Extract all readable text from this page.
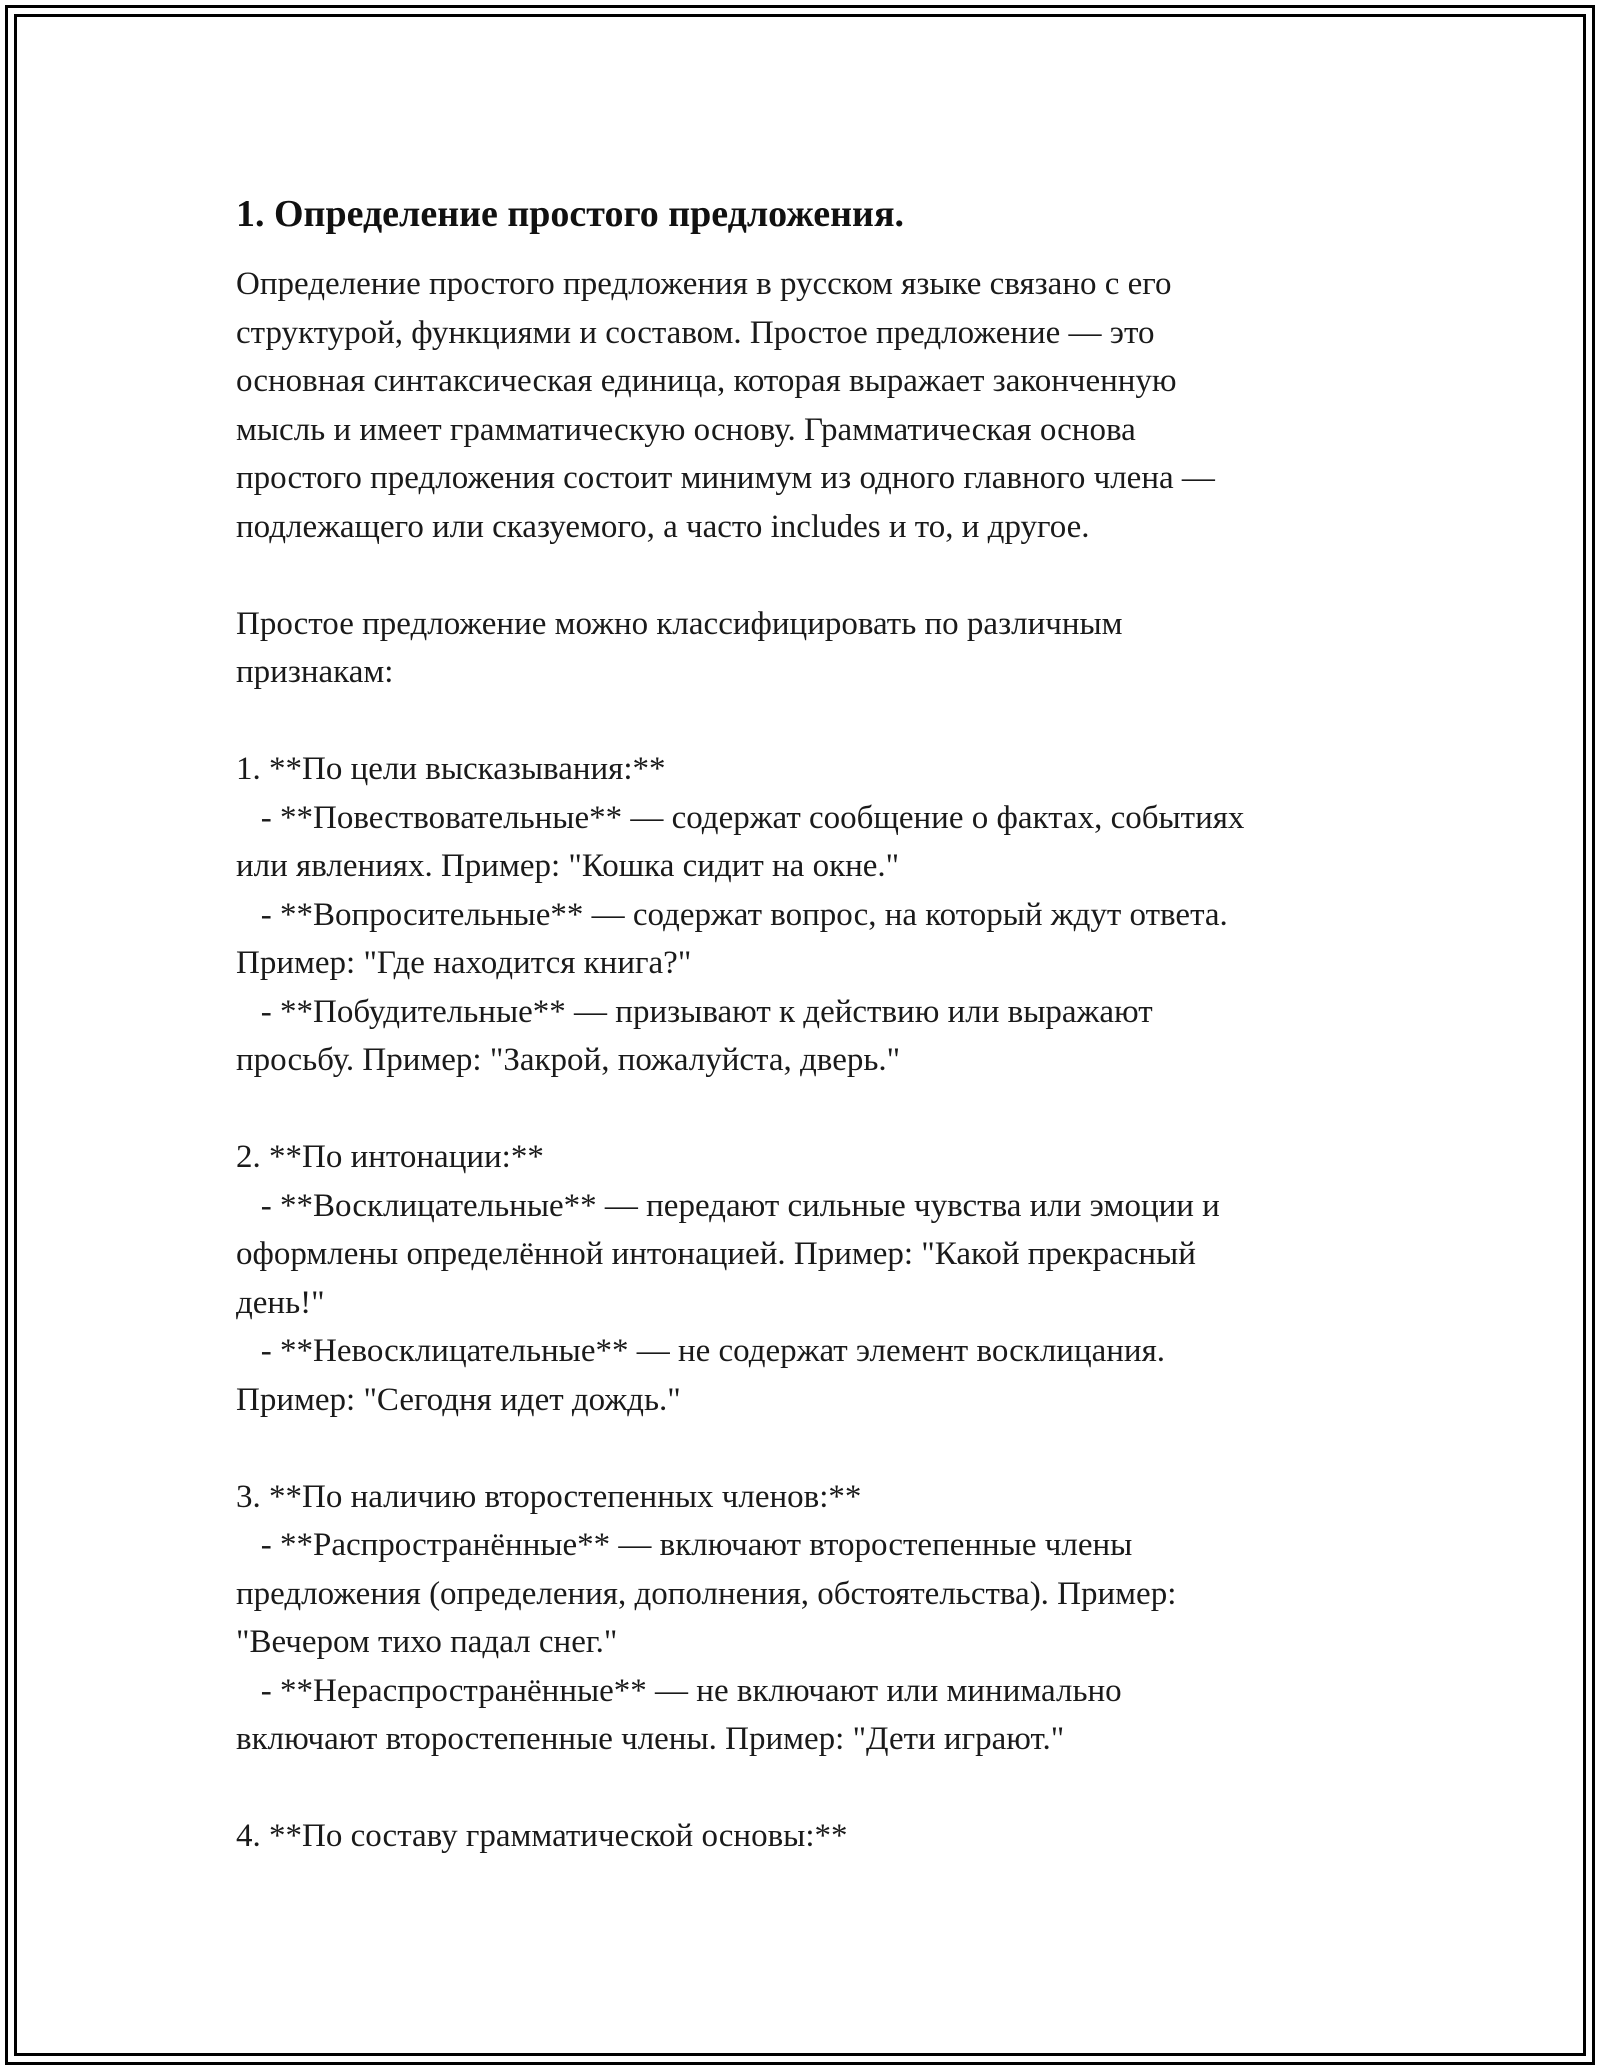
1. Определение простого предложения.
Определение простого предложения в русском языке связано с его
структурой, функциями и составом. Простое предложение — это
основная синтаксическая единица, которая выражает законченную
мысль и имеет грамматическую основу. Грамматическая основа
простого предложения состоит минимум из одного главного члена —
подлежащего или сказуемого, а часто includes и то, и другое.

Простое предложение можно классифицировать по различным
признакам:

1. **По цели высказывания:**
- **Повествовательные** — содержат сообщение о фактах, событиях
или явлениях. Пример: "Кошка сидит на окне."
- **Вопросительные** — содержат вопрос, на который ждут ответа.
Пример: "Где находится книга?"
- **Побудительные** — призывают к действию или выражают
просьбу. Пример: "Закрой, пожалуйста, дверь."

2. **По интонации:**
- **Восклицательные** — передают сильные чувства или эмоции и
оформлены определённой интонацией. Пример: "Какой прекрасный
день!"
- **Невосклицательные** — не содержат элемент восклицания.
Пример: "Сегодня идет дождь."

3. **По наличию второстепенных членов:**
- **Распространённые** — включают второстепенные члены
предложения (определения, дополнения, обстоятельства). Пример:
"Вечером тихо падал снег."
- **Нераспространённые** — не включают или минимально
включают второстепенные члены. Пример: "Дети играют."

4. **По составу грамматической основы:**
